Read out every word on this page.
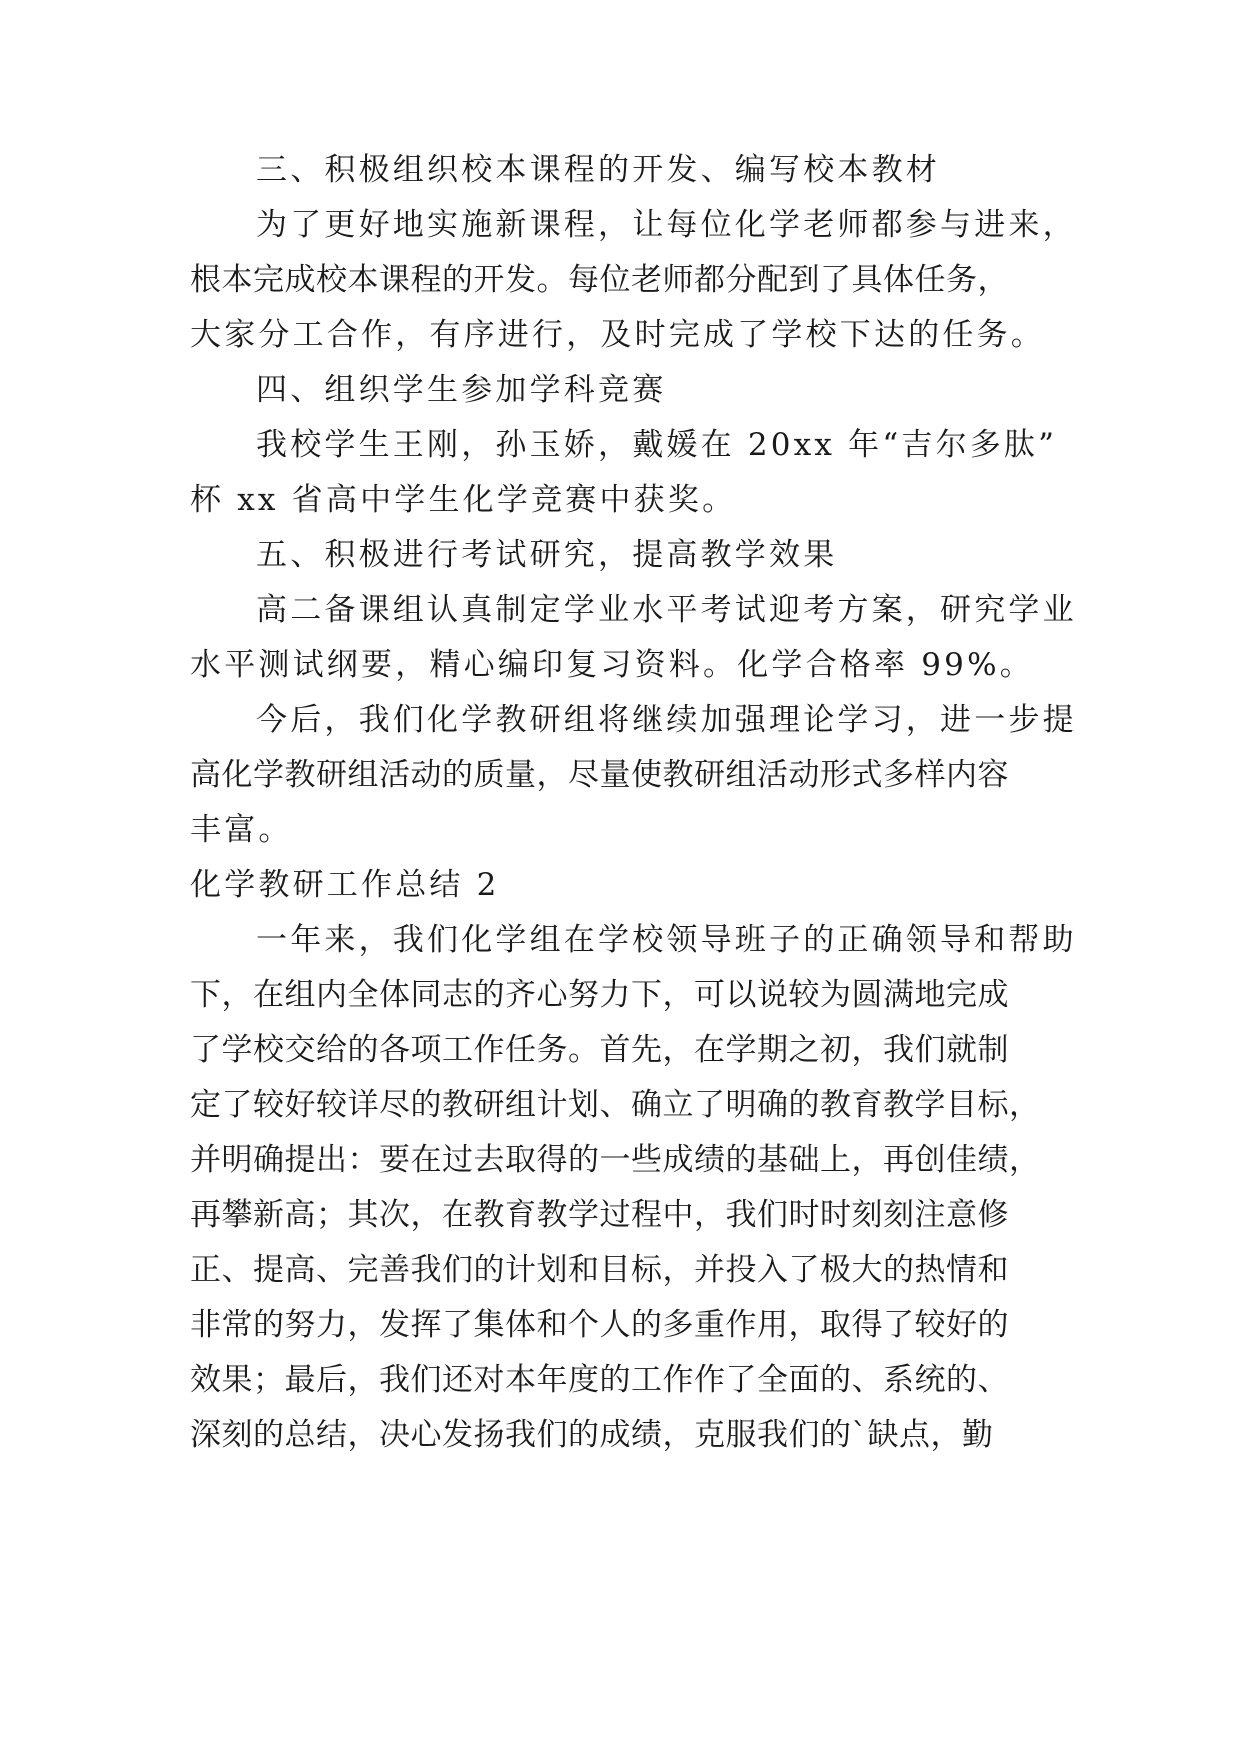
三、积极组织校本课程的开发、编写校本教材
为了更好地实施新课程，让每位化学老师都参与进来，
根本完成校本课程的开发。每位老师都分配到了具体任务，
大家分工合作，有序进行，及时完成了学校下达的任务。
四、组织学生参加学科竞赛
我校学生王刚，孙玉娇，戴媛在 20xx 年“吉尔多肽”
杯 xx 省高中学生化学竞赛中获奖。
五、积极进行考试研究，提高教学效果
高二备课组认真制定学业水平考试迎考方案，研究学业
水平测试纲要，精心编印复习资料。化学合格率 99%。
今后，我们化学教研组将继续加强理论学习，进一步提
高化学教研组活动的质量，尽量使教研组活动形式多样内容
丰富。
化学教研工作总结 2
一年来，我们化学组在学校领导班子的正确领导和帮助
下，在组内全体同志的齐心努力下，可以说较为圆满地完成
了学校交给的各项工作任务。首先，在学期之初，我们就制
定了较好较详尽的教研组计划、确立了明确的教育教学目标，
并明确提出：要在过去取得的一些成绩的基础上，再创佳绩，
再攀新高；其次，在教育教学过程中，我们时时刻刻注意修
正、提高、完善我们的计划和目标，并投入了极大的热情和
非常的努力，发挥了集体和个人的多重作用，取得了较好的
效果；最后，我们还对本年度的工作作了全面的、系统的、
深刻的总结，决心发扬我们的成绩，克服我们的`缺点，勤
